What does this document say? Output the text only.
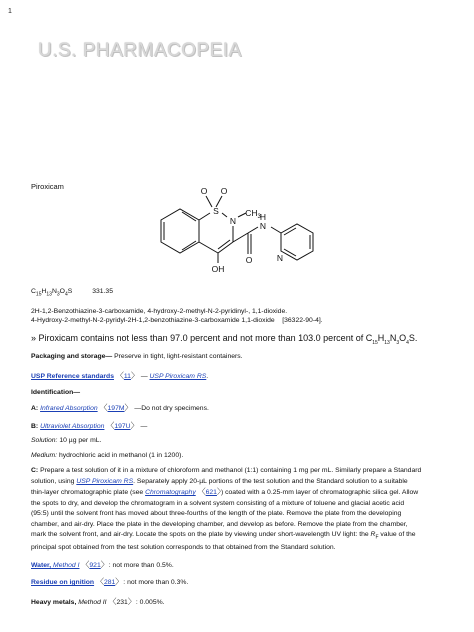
1
U.S. PHARMACOPEIA
Piroxicam	O O
S
N
$CH_3$
N
H
OH
O	N
$C_{15}H_{13}N_3O_4S$	331.35
2H-1,2-Benzothiazine-3-carboxamide, 4-hydroxy-2-methyl-N-2-pyridinyl-, 1,1-dioxide.
4-Hydroxy-2-methyl-N-2-pyridyl-2H-1,2-benzothiazine-3-carboxamide 1,1-dioxide [36322-90-4].
» Piroxicam contains not less than 97.0 percent and not more than 103.0 percent of $C_{15}H_{13}N_3O_4S$.
Packaging and storage— Preserve in tight, light-resistant containers.
USP Reference standards 〈11〉 — USP Piroxicam RS.
Identification—
A: Infrared Absorption 〈197M〉 —Do not dry specimens.
B: Ultraviolet Absorption 〈197U〉 —
Solution: 10 µg per mL.
Medium: hydrochloric acid in methanol (1 in 1200).
C: Prepare a test solution of it in a mixture of chloroform and methanol (1:1) containing 1 mg per mL. Similarly prepare a Standard
solution, using USP Piroxicam RS. Separately apply 20-µL portions of the test solution and the Standard solution to a suitable
thin-layer chromatographic plate (see Chromatography 〈621〉) coated with a 0.25-mm layer of chromatographic silica gel. Allow
the spots to dry, and develop the chromatogram in a solvent system consisting of a mixture of toluene and glacial acetic acid
(95:5) until the solvent front has moved about three-fourths of the length of the plate. Remove the plate from the developing
chamber, and air-dry. Place the plate in the developing chamber, and develop as before. Remove the plate from the chamber,
mark the solvent front, and air-dry. Locate the spots on the plate by viewing under short-wavelength UV light: the $R_F$ value of the
principal spot obtained from the test solution corresponds to that obtained from the Standard solution.
Water, Method I 〈921〉: not more than 0.5%.
Residue on ignition 〈281〉: not more than 0.3%.
Heavy metals, Method II 〈231〉: 0.005%.
